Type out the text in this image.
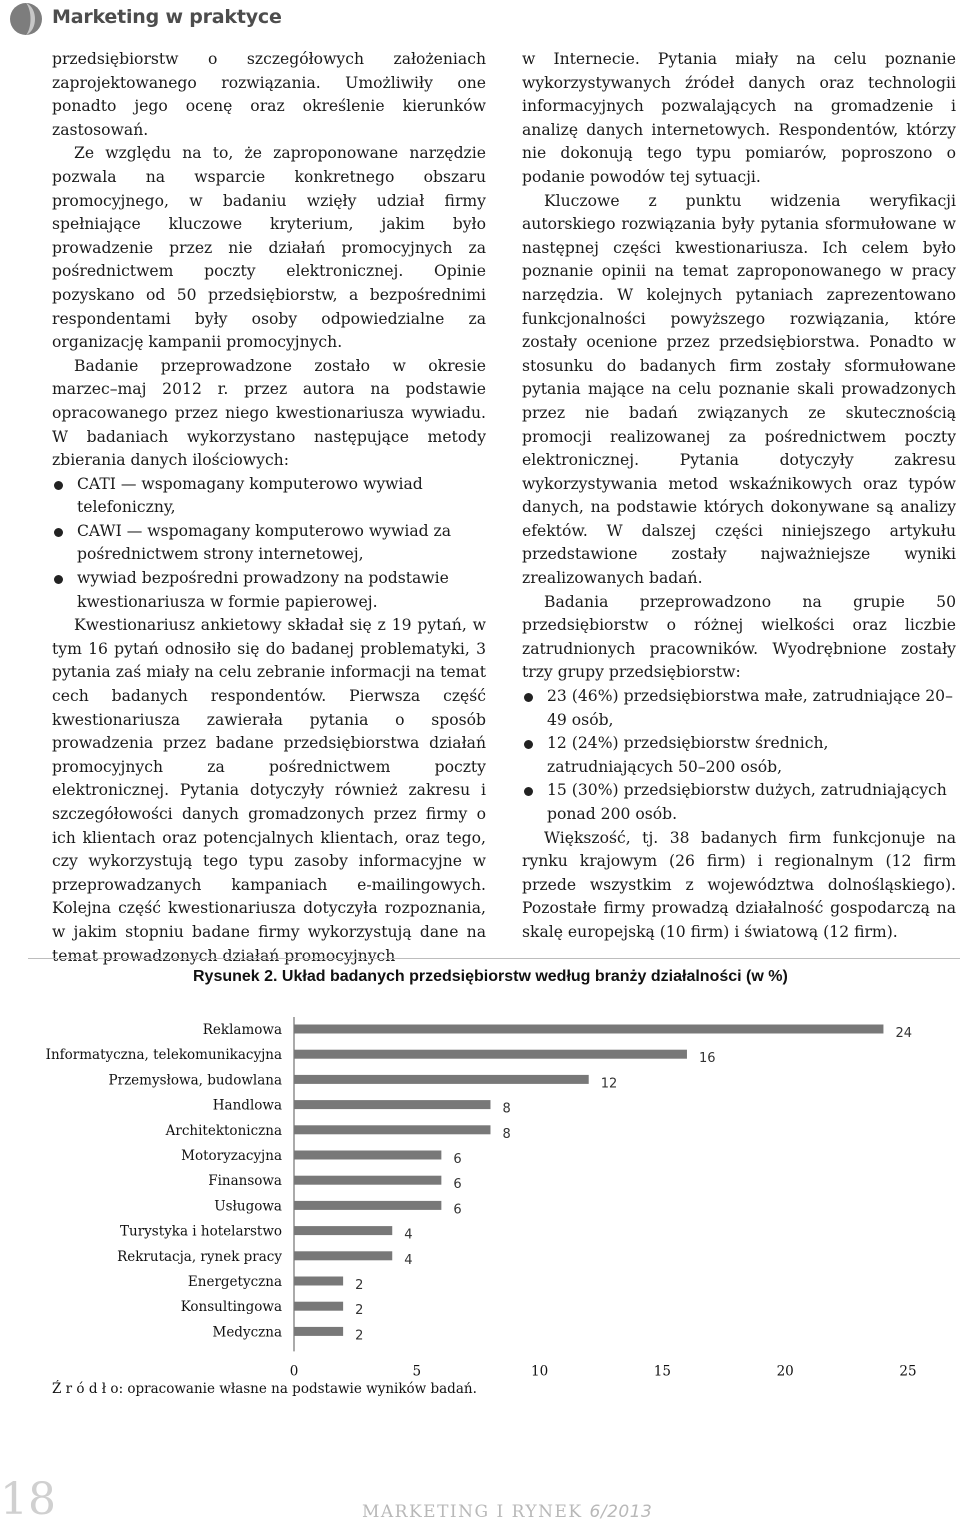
Marketing w praktyce

przedsiębiorstw o szczegółowych założeniach zaprojektowanego rozwiązania. Umożliwiły one ponadto jego ocenę oraz określenie kierunków zastosowań.

Ze względu na to, że zaproponowane narzędzie pozwala na wsparcie konkretnego obszaru promocyjnego, w badaniu wzięły udział firmy spełniające kluczowe kryterium, jakim było prowadzenie przez nie działań promocyjnych za pośrednictwem poczty elektronicznej. Opinie pozyskano od 50 przedsiębiorstw, a bezpośrednimi respondentami były osoby odpowiedzialne za organizację kampanii promocyjnych.

Badanie przeprowadzone zostało w okresie marzec–maj 2012 r. przez autora na podstawie opracowanego przez niego kwestionariusza wywiadu. W badaniach wykorzystano następujące metody zbierania danych ilościowych:

CATI — wspomagany komputerowo wywiad telefoniczny,
CAWI — wspomagany komputerowo wywiad za pośrednictwem strony internetowej,
wywiad bezpośredni prowadzony na podstawie kwestionariusza w formie papierowej.

Kwestionariusz ankietowy składał się z 19 pytań, w tym 16 pytań odnosiło się do badanej problematyki, 3 pytania zaś miały na celu zebranie informacji na temat cech badanych respondentów. Pierwsza część kwestionariusza zawierała pytania o sposób prowadzenia przez badane przedsiębiorstwa działań promocyjnych za pośrednictwem poczty elektronicznej. Pytania dotyczyły również zakresu i szczegółowości danych gromadzonych przez firmy o ich klientach oraz potencjalnych klientach, oraz tego, czy wykorzystują tego typu zasoby informacyjne w przeprowadzanych kampaniach e-mailingowych. Kolejna część kwestionariusza dotyczyła rozpoznania, w jakim stopniu badane firmy wykorzystują dane na temat prowadzonych działań promocyjnych

w Internecie. Pytania miały na celu poznanie wykorzystywanych źródeł danych oraz technologii informacyjnych pozwalających na gromadzenie i analizę danych internetowych. Respondentów, którzy nie dokonują tego typu pomiarów, poproszono o podanie powodów tej sytuacji.

Kluczowe z punktu widzenia weryfikacji autorskiego rozwiązania były pytania sformułowane w następnej części kwestionariusza. Ich celem było poznanie opinii na temat zaproponowanego w pracy narzędzia. W kolejnych pytaniach zaprezentowano funkcjonalności powyższego rozwiązania, które zostały ocenione przez przedsiębiorstwa. Ponadto w stosunku do badanych firm zostały sformułowane pytania mające na celu poznanie skali prowadzonych przez nie badań związanych ze skutecznością promocji realizowanej za pośrednictwem poczty elektronicznej. Pytania dotyczyły zakresu wykorzystywania metod wskaźnikowych oraz typów danych, na podstawie których dokonywane są analizy efektów. W dalszej części niniejszego artykułu przedstawione zostały najważniejsze wyniki zrealizowanych badań.

Badania przeprowadzono na grupie 50 przedsiębiorstw o różnej wielkości oraz liczbie zatrudnionych pracowników. Wyodrębnione zostały trzy grupy przedsiębiorstw:

23 (46%) przedsiębiorstwa małe, zatrudniające 20–49 osób,
12 (24%) przedsiębiorstw średnich, zatrudniających 50–200 osób,
15 (30%) przedsiębiorstw dużych, zatrudniających ponad 200 osób.

Większość, tj. 38 badanych firm funkcjonuje na rynku krajowym (26 firm) i regionalnym (12 firm przede wszystkim z województwa dolnośląskiego). Pozostałe firmy prowadzą działalność gospodarczą na skalę europejską (10 firm) i światową (12 firm).

Rysunek 2. Układ badanych przedsiębiorstw według branży działalności (w %)
Reklamowa	24
Informatyczna, telekomunikacyjna	16
Przemysłowa, budowlana	12
Handlowa	8
Architektoniczna	8
Motoryzacyjna	6
Finansowa	6
Usługowa	6
Turystyka i hotelarstwo	4
Rekrutacja, rynek pracy	4
Energetyczna	2
Konsultingowa	2
Medyczna	2
0	5	10	15	20	25
Ź r ó d ł o: opracowanie własne na podstawie wyników badań.
18	MARKETING I RYNEK 6/2013
